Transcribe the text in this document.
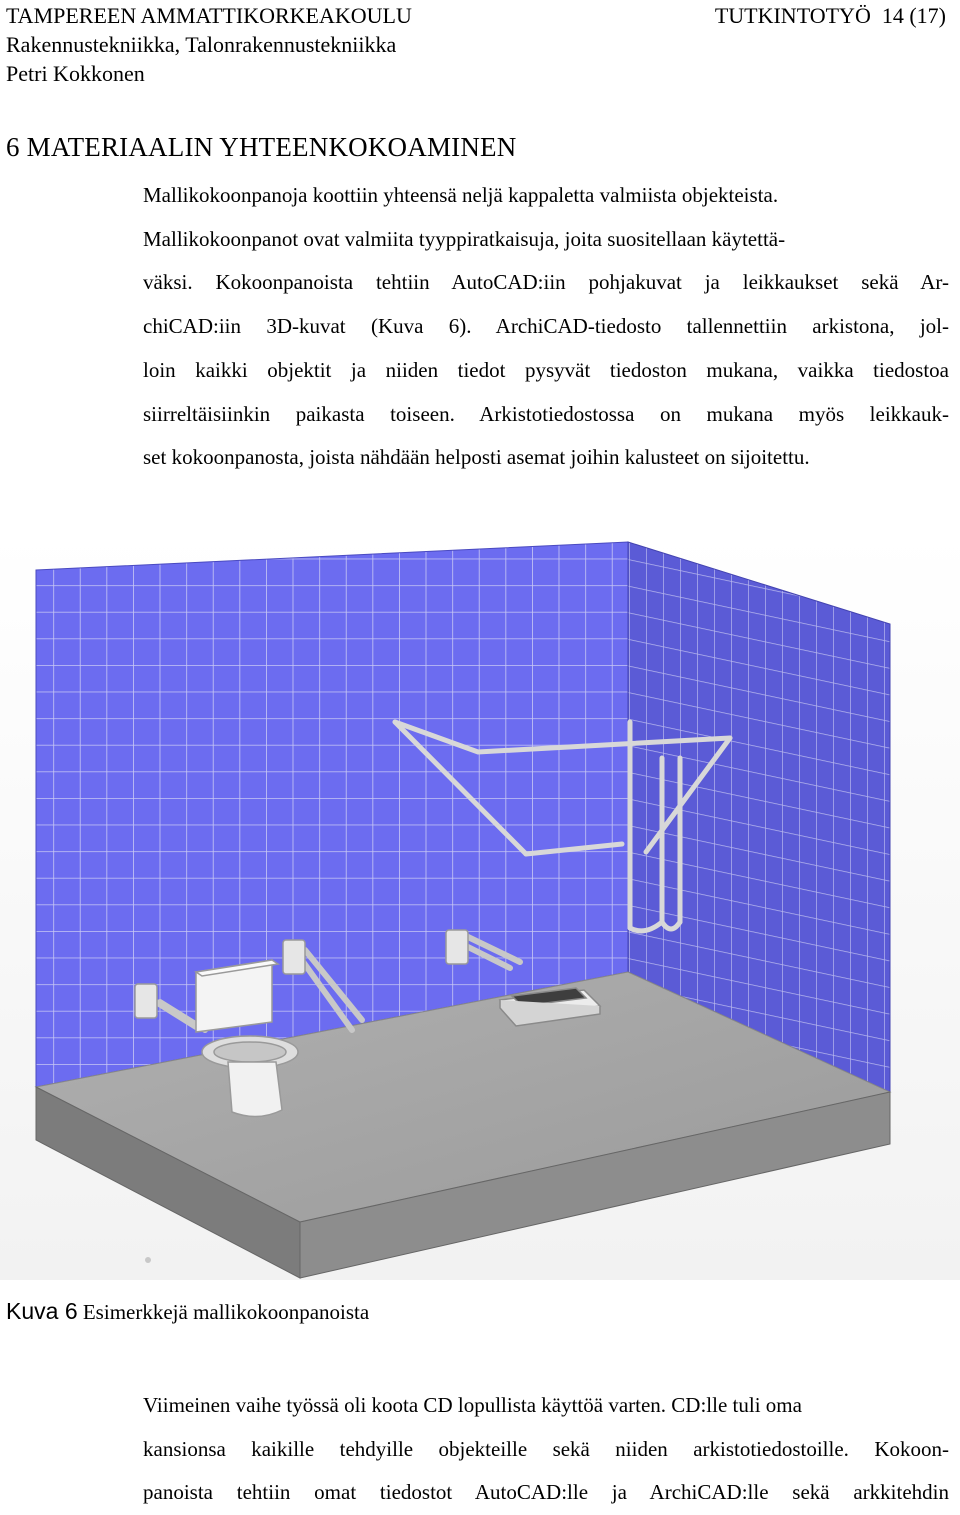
TAMPEREEN AMMATTIKORKEAKOULU	TUTKINTOTYÖ 14 (17)
Rakennustekniikka, Talonrakennustekniikka
Petri Kokkonen
6 MATERIAALIN YHTEENKOKOAMINEN
Mallikokoonpanoja koottiin yhteensä neljä kappaletta valmiista objekteista.
Mallikokoonpanot ovat valmiita tyyppiratkaisuja, joita suositellaan käytettä-
väksi. Kokoonpanoista tehtiin AutoCAD:iin pohjakuvat ja leikkaukset sekä Ar-
chiCAD:iin 3D-kuvat (Kuva 6). ArchiCAD-tiedosto tallennettiin arkistona, jol-
loin kaikki objektit ja niiden tiedot pysyvät tiedoston mukana, vaikka tiedostoa
siirreltäisiinkin paikasta toiseen. Arkistotiedostossa on mukana myös leikkauk-
set kokoonpanosta, joista nähdään helposti asemat joihin kalusteet on sijoitettu.
Kuva 6 Esimerkkejä mallikokoonpanoista
Viimeinen vaihe työssä oli koota CD lopullista käyttöä varten. CD:lle tuli oma
kansionsa kaikille tehdyille objekteille sekä niiden arkistotiedostoille. Kokoon-
panoista tehtiin omat tiedostot AutoCAD:lle ja ArchiCAD:lle sekä arkkitehdin
